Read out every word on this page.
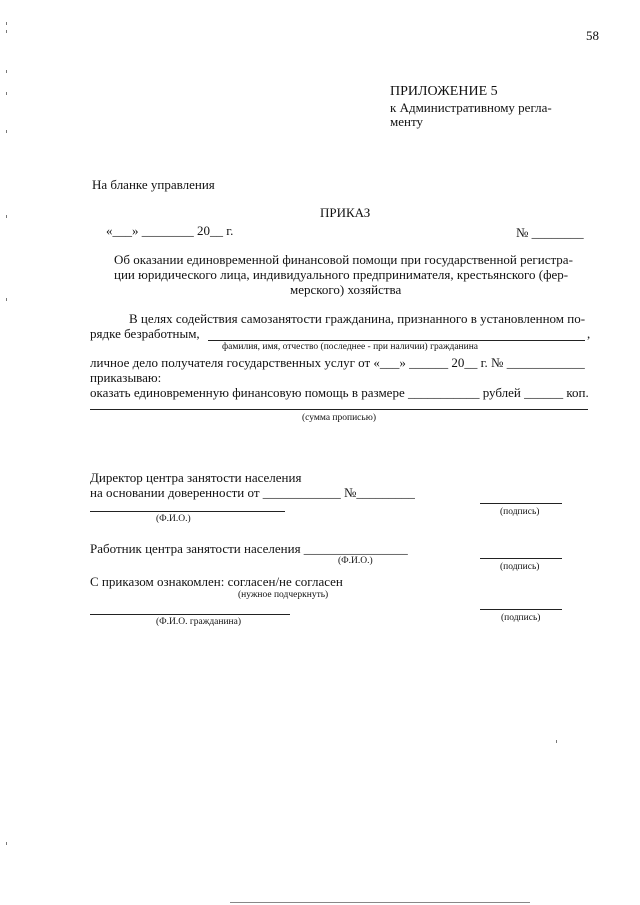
58
ПРИЛОЖЕНИЕ 5
к Административному регла-
менту
На бланке управления
ПРИКАЗ
«___» ________ 20__ г.	№ ________
Об оказании единовременной финансовой помощи при государственной регистра-
ции юридического лица, индивидуального предпринимателя, крестьянского (фер-
мерского) хозяйства
В целях содействия самозанятости гражданина, признанного в установленном по-
рядке безработным,	,
фамилия, имя, отчество (последнее - при наличии) гражданина
личное дело получателя государственных услуг от «___» ______ 20__ г. № ____________
приказываю:
оказать единовременную финансовую помощь в размере ___________ рублей ______ коп.
(сумма прописью)
Директор центра занятости населения
на основании доверенности от ____________ №_________
(Ф.И.О.)
(подпись)
Работник центра занятости населения ________________
(Ф.И.О.)
(подпись)
С приказом ознакомлен: согласен/не согласен
(нужное подчеркнуть)
(Ф.И.О. гражданина)	(подпись)
